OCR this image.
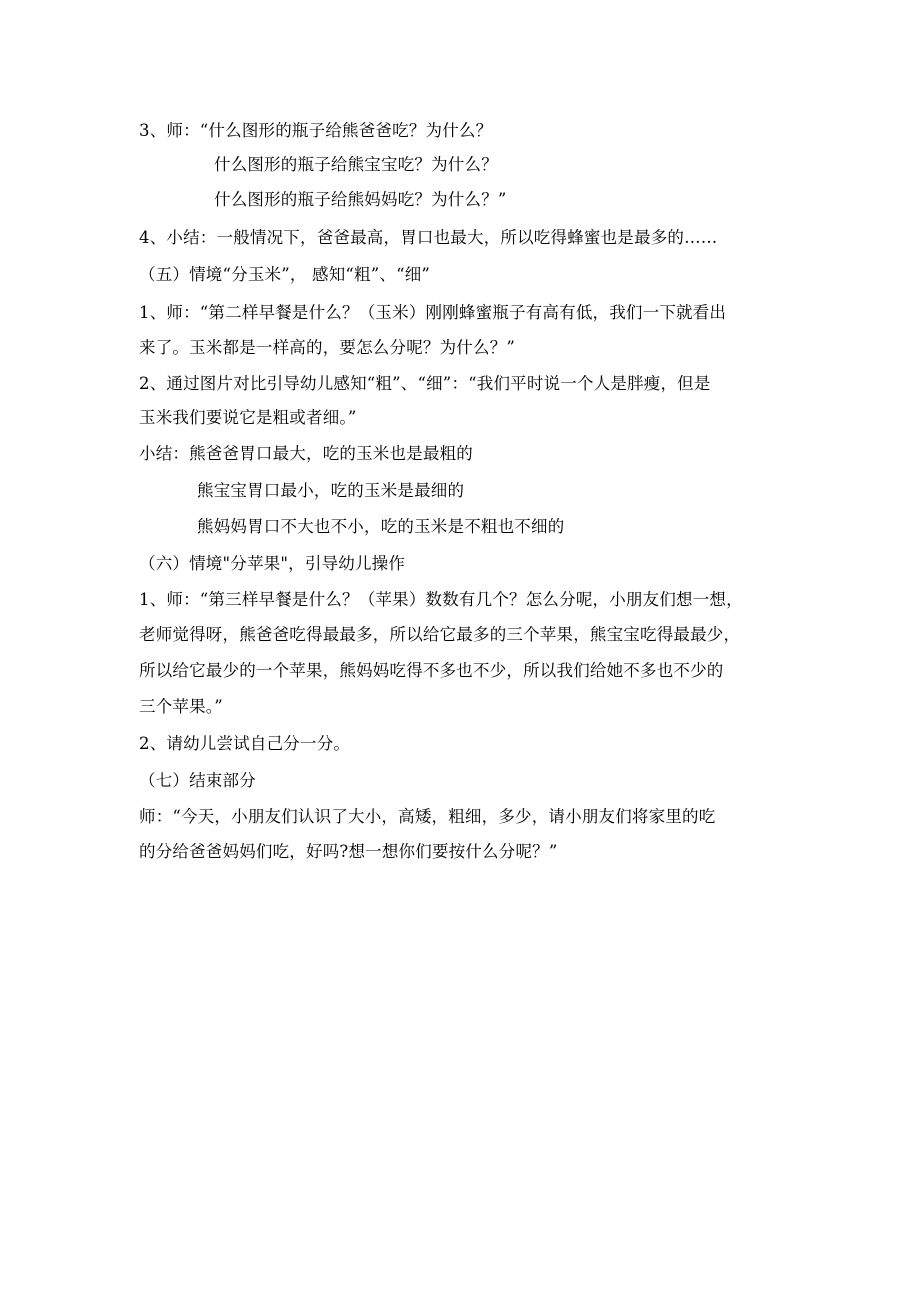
3、师：“什么图形的瓶子给熊爸爸吃？为什么？
什么图形的瓶子给熊宝宝吃？为什么？
什么图形的瓶子给熊妈妈吃？为什么？”
4、小结：一般情况下，爸爸最高，胃口也最大，所以吃得蜂蜜也是最多的……
（五）情境“分玉米”， 感知“粗”、“细”
1、师：“第二样早餐是什么？（玉米）刚刚蜂蜜瓶子有高有低，我们一下就看出
来了。玉米都是一样高的，要怎么分呢？为什么？”
2、通过图片对比引导幼儿感知“粗”、“细”：“我们平时说一个人是胖瘦，但是
玉米我们要说它是粗或者细。”
小结：熊爸爸胃口最大，吃的玉米也是最粗的
熊宝宝胃口最小，吃的玉米是最细的
熊妈妈胃口不大也不小，吃的玉米是不粗也不细的
（六）情境"分苹果"，引导幼儿操作
1、师：“第三样早餐是什么？（苹果）数数有几个？怎么分呢，小朋友们想一想，
老师觉得呀，熊爸爸吃得最最多，所以给它最多的三个苹果，熊宝宝吃得最最少，
所以给它最少的一个苹果，熊妈妈吃得不多也不少，所以我们给她不多也不少的
三个苹果。”
2、请幼儿尝试自己分一分。
（七）结束部分
师：“今天，小朋友们认识了大小，高矮，粗细，多少，请小朋友们将家里的吃
的分给爸爸妈妈们吃，好吗?想一想你们要按什么分呢？”
